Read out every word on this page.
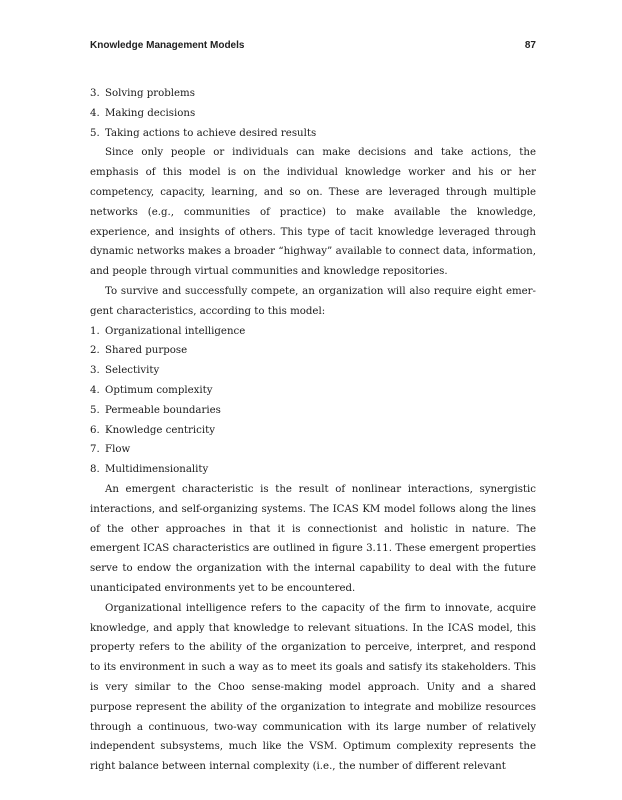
Knowledge Management Models	87
3. Solving problems
4. Making decisions
5. Taking actions to achieve desired results

Since only people or individuals can make decisions and take actions, the emphasis of this model is on the individual knowledge worker and his or her competency, capacity, learning, and so on. These are leveraged through multiple networks (e.g., communities of practice) to make available the knowledge, experience, and insights of others. This type of tacit knowledge leveraged through dynamic networks makes a broader “highway” available to connect data, information, and people through virtual communities and knowledge repositories.

To survive and successfully compete, an organization will also require eight emergent characteristics, according to this model:

1. Organizational intelligence
2. Shared purpose
3. Selectivity
4. Optimum complexity
5. Permeable boundaries
6. Knowledge centricity
7. Flow
8. Multidimensionality

An emergent characteristic is the result of nonlinear interactions, synergistic interactions, and self-organizing systems. The ICAS KM model follows along the lines of the other approaches in that it is connectionist and holistic in nature. The emergent ICAS characteristics are outlined in figure 3.11. These emergent properties serve to endow the organization with the internal capability to deal with the future unanticipated environments yet to be encountered.

Organizational intelligence refers to the capacity of the firm to innovate, acquire knowledge, and apply that knowledge to relevant situations. In the ICAS model, this property refers to the ability of the organization to perceive, interpret, and respond to its environment in such a way as to meet its goals and satisfy its stakeholders. This is very similar to the Choo sense-making model approach. Unity and a shared purpose represent the ability of the organization to integrate and mobilize resources through a continuous, two-way communication with its large number of relatively independent subsystems, much like the VSM. Optimum complexity represents the right balance between internal complexity (i.e., the number of different relevant
